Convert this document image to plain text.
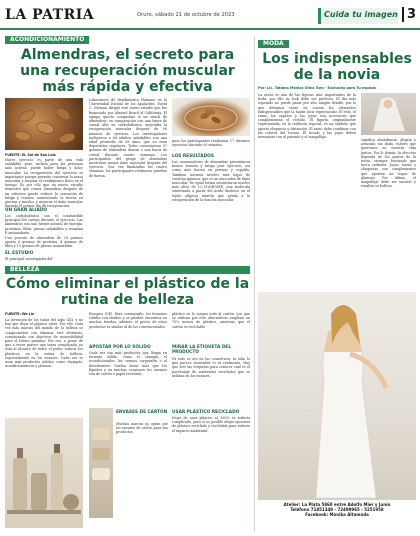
LA PATRIA	Oruro, sábado 21 de octubre de 2023	Cuida tu imagen 3
ACONDICIONAMIENTO
Almendras, el secreto para una recuperación muscular más rápida y efectiva
FUENTE: EL Sol de San Luis
Hacer ejercicio es parte de una vida saludable, pero, incluso para las personas más activas, puede haber fatiga y dolor muscular. La recuperación del ejercicio es importante porque permite conservar la masa muscular y mejorar el rendimiento físico en el tiempo. Es por ello que un nuevo estudio demostró que comer almendras después de un esfuerzo puede reducir la sensación de fatiga y tensión, aumentando la fuerza en piernas y muslos, y mejorar el daño muscular durante el primer día de recuperación.
UN GRAN ALIADO
Los carbohidratos son el combustible principal del cuerpo durante el ejercicio. Las almendras son una fuente natural de energía, proteínas, fibra, grasas saludables y vitamina E antioxidante.
Una porción de almendras de 28 gramos aporta 6 gramos de proteína, 4 gramos de fibra y 13 gramos de grasas insaturadas.
EL ESTUDIO
El principal investigador del
Laboratorio de Rendimiento Humano en la Universidad Estatal de los Apalaches, David C. Nieman, dirigió este nuevo estudio que fue financiado por Almond Board of California. El equipo quería comprobar si un snack de almendras, en comparación con una barra de cereal alta en carbohidratos, mejoraba la recuperación muscular después de 90 minutos de ejercicio. Los investigadores incluyeron a 64 adultos saludables con una edad promedio de 38 años, que no eran deportistas regulares. Todos consumieron 57 gramos de almendras diarias o una barra de cereal durante cuatro semanas. Los participantes del grupo de almendras mostraron menor daño muscular después del ejercicio. Una vez finalizadas las cuatro semanas, los participantes realizaron pruebas de fuerza.
paso los participantes realizaron 17 distintos ejercicios durante 90 minutos.
LOS RESULTADOS
Los consumidores de almendras presentaron menos tensión y fatiga post ejercicio, así como más fuerza en piernas y espalda. Tambien notaron niveles más bajos de creatina quinasa, que es un marcador de daño muscular. De igual forma encontraron niveles más altos de 12,13-diHOME, una molécula sintetizada a partir del ácido linoleico en el tejido adiposo marrón que ayuda a la recuperación de la función muscular.
BELLEZA
Cómo eliminar el plástico de la rutina de belleza
FUENTE: We Lin
La invención de los tubos del siglo XXI, y no hay que dejar el plástico atrás. Por ello, cada vez más marcas del mundo de la belleza se comprometen con eliminar este elemento, comenzando con objetivos de sostenibilidad para el futuro próximo. Por eso, a pesar de que a veces parece una tarea complicada, ya está al alcance de todos el poder reducir los plásticos en la rutina de belleza, especialmente en los envases. Cada vez se usan más productos sólidos, como champús, acondicionadores y jabones.
Europea (UE). Para conseguirlo, los formatos sólidos son ideales y se pueden encontrar en muchas tiendas; además, el precio de estos productos es similar al de los convencionales.
APOSTAR POR LO SÓLIDO
Cada vez son más productos que llegan en formato sólido, como el champú, el acondicionador, las cremas corporales o el desodorante. Suelen durar más que los líquidos y en muchas ocasiones los envases son de cartón o papel reciclado.
ENVASES DE CARTÓN
Muchas marcas ya optan por los envases de cartón para sus productos.
plástico se lo juegan todo al cartón. Los que se utilizan por este alternativas emplean un 75% menos de plástico, mientras que el cartón es reciclable.
MIRAR LA ETIQUETA DEL PRODUCTO
Ni todo es oro en los cosméticos, ni todo lo que parece sostenible lo es realmente. Hay que leer las etiquetas para conocer cuál es el porcentaje de materiales reciclados que se utilizan en los envases.
USAR PLÁSTICO RECICLADO
Dejar de usar plástico al 100% es todavía complicado, pero sí es posible elegir opciones de plástico reciclado y reciclable para reducir el impacto ambiental.
MODA
Los indispensables de la novia
Por: Lic. Tatiana Mónica Oliva Toro - Exclusivo para Tu espacio
La novia es una de las figuras más importantes de la boda, por ello su look debe ser perfecto. El día más esperado no puede pasar por alto ningún detalle, por lo que debemos tener en cuenta los elementos indispensables que la harán lucir espectacular. El velo, el ramo, los zapatos y las joyas son accesorios que complementan el vestido. El figurín, originalmente representado en la tradición nupcial, es un símbolo que aporta elegancia y distinción. El ramo debe combinar con los colores del evento. El tocado y las joyas deben armonizar con el peinado y el maquillaje.
significa abundancia, alegría y armonía; sin duda, valores que queremos en nuestra vida juntos. Por lo demás, la elección depende de los gustos de la novia, siempre buscando que luzca radiante. Joyas, tiaras y chaquetas son complementos que aportan un toque de glamour. Por último, el maquillaje debe ser natural y resaltar su belleza.
Atelier: La Plata 5860 entre Adolfo Mier y Junín
Teléfono 71851349 - 72499965 - 5251958
Facebook: Monika Altamoda
